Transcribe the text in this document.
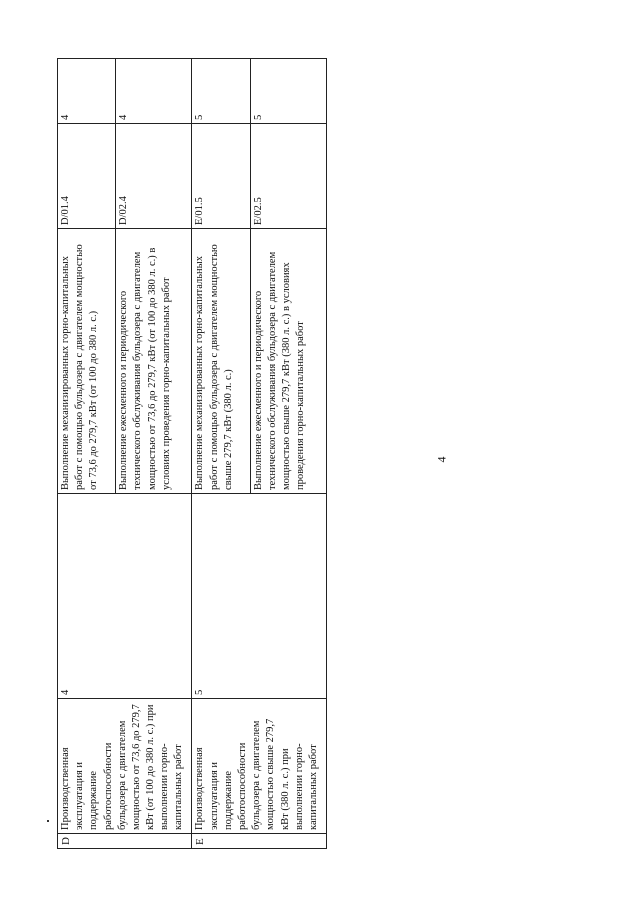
4
D	Производственная эксплуатация и поддержание работоспособности бульдозера с двигателем мощностью от 73,6 до 279,7 кВт (от 100 до 380 л. с.) при выполнении горно-капитальных работ	4	Выполнение механизированных горно-капитальных работ с помощью бульдозера с двигателем мощностью от 73,6 до 279,7 кВт (от 100 до 380 л. с.)	D/01.4	4
			Выполнение ежесменного и периодического технического обслуживания бульдозера с двигателем мощностью от 73,6 до 279,7 кВт (от 100 до 380 л. с.) в условиях проведения горно-капитальных работ	D/02.4	4
E	Производственная эксплуатация и поддержание работоспособности бульдозера с двигателем мощностью свыше 279,7 кВт (380 л. с.) при выполнении горно-капитальных работ	5	Выполнение механизированных горно-капитальных работ с помощью бульдозера с двигателем мощностью свыше 279,7 кВт (380 л. с.)	E/01.5	5
			Выполнение ежесменного и периодического технического обслуживания бульдозера с двигателем мощностью свыше 279,7 кВт (380 л. с.) в условиях проведения горно-капитальных работ	E/02.5	5
